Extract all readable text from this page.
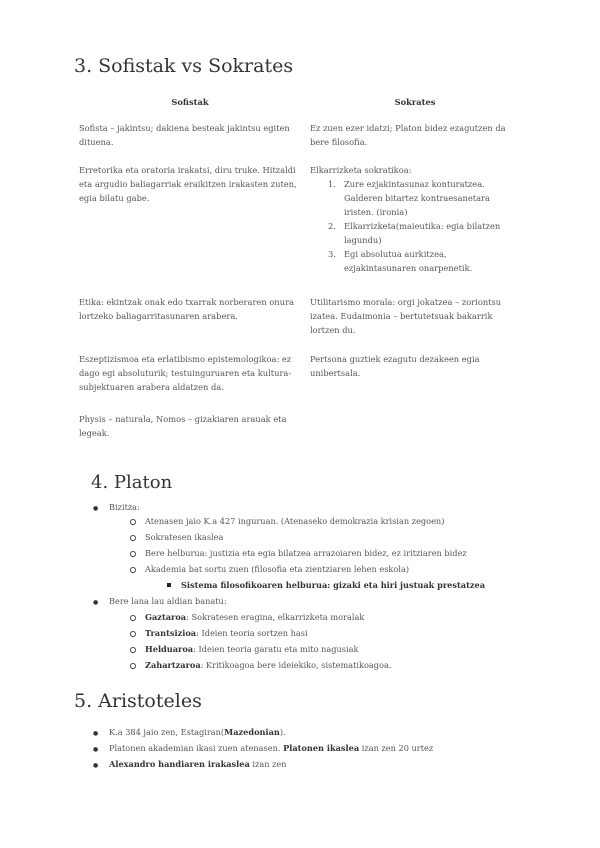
3. Sofistak vs Sokrates
Sofistak	Sokrates
Sofista – jakintsu; dakiena besteak jakintsu egiten dituena.
Ez zuen ezer idatzi; Platon bidez ezagutzen da bere filosofia.
Erretorika eta oratoria irakatsi, diru truke. Hitzaldi eta argudio baliagarriak eraikitzen irakasten zuten, egia bilatu gabe.
Elkarrizketa sokratikoa:
1. Zure ezjakintasunaz konturatzea. Galderen bitartez kontraesanetara iristen. (ironia)
2. Elkarrizketa(maieutika: egia bilatzen lagundu)
3. Egi absolutua aurkitzea, ezjakintasunaren onarpenetik.
Etika: ekintzak onak edo txarrak norberaren onura lortzeko baliagarritasunaren arabera.
Utilitarismo morala: orgi jokatzea – zoriontsu izatea. Eudaimonia – bertutetsuak bakarrik lortzen du.
Eszeptizismoa eta erlatibismo epistemologikoa: ez dago egi absoluturik; testuinguruaren eta kultura-subjektuaren arabera aldatzen da.
Physis – naturala, Nomos – gizakiaren arauak eta legeak.
Pertsona guztiek ezagutu dezakeen egia unibertsala.
4. Platon
● Bizitza:
Atenasen jaio K.a 427 inguruan. (Atenaseko demokrazia krisian zegoen)
Sokratesen ikaslea
Bere helburua: justizia eta egia bilatzea arrazoiaren bidez, ez iritziaren bidez
Akademia bat sortu zuen (filosofia eta zientziaren lehen eskola)
Sistema filosofikoaren helburua: gizaki eta hiri justuak prestatzea
● Bere lana lau aldian banatu:
Gaztaroa: Sokratesen eragina, elkarrizketa moralak
Trantsizioa: Ideien teoria sortzen hasi
Helduaroa: Ideien teoria garatu eta mito nagusiak
Zahartzaroa: Kritikoagoa bere ideiekiko, sistematikoagoa.
5. Aristoteles
● K.a 384 jaio zen, Estagiran(Mazedonian).
● Platonen akademian ikasi zuen atenasen. Platonen ikaslea izan zen 20 urtez
● Alexandro handiaren irakaslea izan zen
